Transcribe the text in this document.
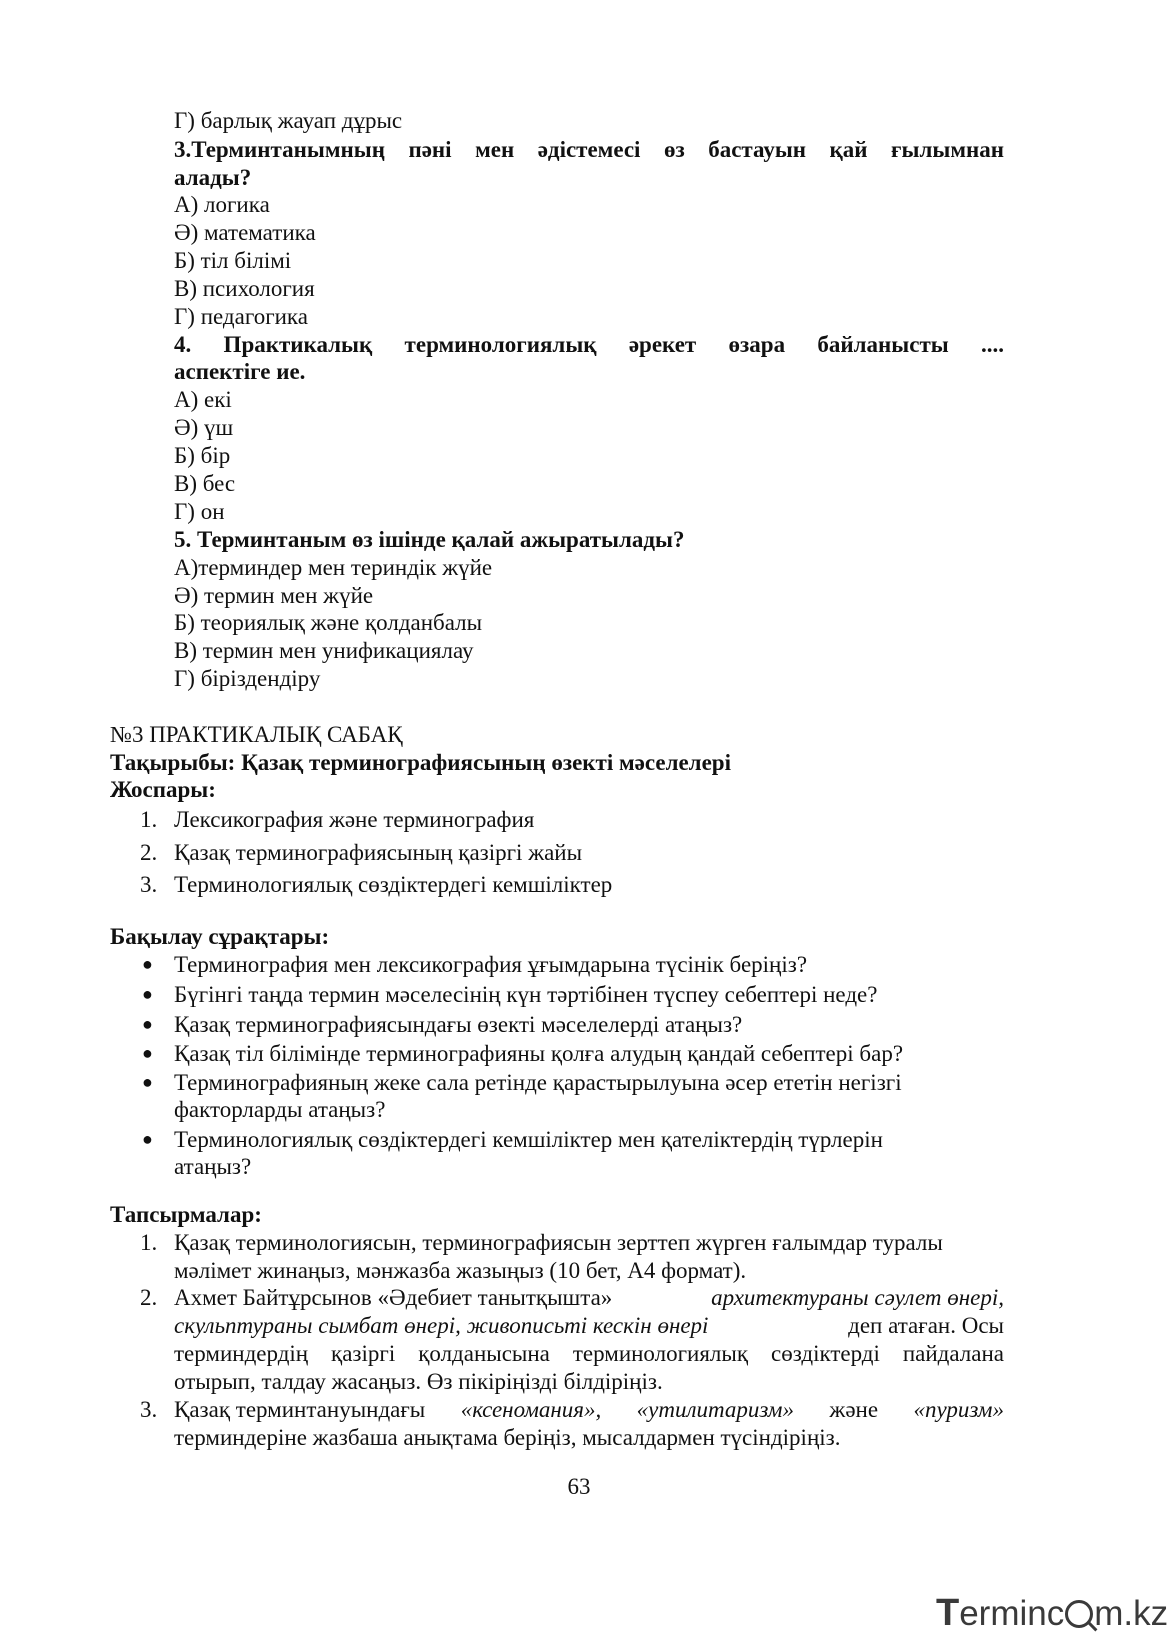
Г) барлық жауап дұрыс
3.Терминтанымның пәні мен әдістемесі өз бастауын қай ғылымнан
алады?
А) логика
Ә) математика
Б) тіл білімі
В) психология
Г) педагогика
4. Практикалық терминологиялық әрекет өзара байланысты ....
аспектіге ие.
А) екі
Ә) үш
Б) бір
В) бес
Г) он
5. Терминтаным өз ішінде қалай ажыратылады?
А)терминдер мен териндік жүйе
Ә) термин мен жүйе
Б) теориялық және қолданбалы
В) термин мен унификациялау
Г) біріздендіру
№3 ПРАКТИКАЛЫҚ САБАҚ
Тақырыбы: Қазақ терминографиясының өзекті мәселелері
Жоспары:
1. Лексикография және терминография
2. Қазақ терминографиясының қазіргі жайы
3. Терминологиялық сөздіктердегі кемшіліктер
Бақылау сұрақтары:
● Терминография мен лексикография ұғымдарына түсінік беріңіз?
● Бүгінгі таңда термин мәселесінің күн тәртібінен түспеу себептері неде?
● Қазақ терминографиясындағы өзекті мәселелерді атаңыз?
● Қазақ тіл білімінде терминографияны қолға алудың қандай себептері бар?
● Терминографияның жеке сала ретінде қарастырылуына әсер ететін негізгі
факторларды атаңыз?
● Терминологиялық сөздіктердегі кемшіліктер мен қателіктердің түрлерін
атаңыз?
Тапсырмалар:
1. Қазақ терминологиясын, терминографиясын зерттеп жүрген ғалымдар туралы
мәлімет жинаңыз, мәнжазба жазыңыз (10 бет, А4 формат).
2. Ахмет Байтұрсынов «Әдебиет танытқышта»	архитектураны сәулет өнері,
скульптураны сымбат өнері, живописьті кескін өнері	деп атаған. Осы
терминдердің қазіргі қолданысына терминологиялық сөздіктерді пайдалана
отырып, талдау жасаңыз. Өз пікіріңізді білдіріңіз.
3. Қазақ терминтануындағы «ксеномания», «утилитаризм» және «пуризм»
терминдеріне жазбаша анықтама беріңіз, мысалдармен түсіндіріңіз.
63
Terminc m.kz
